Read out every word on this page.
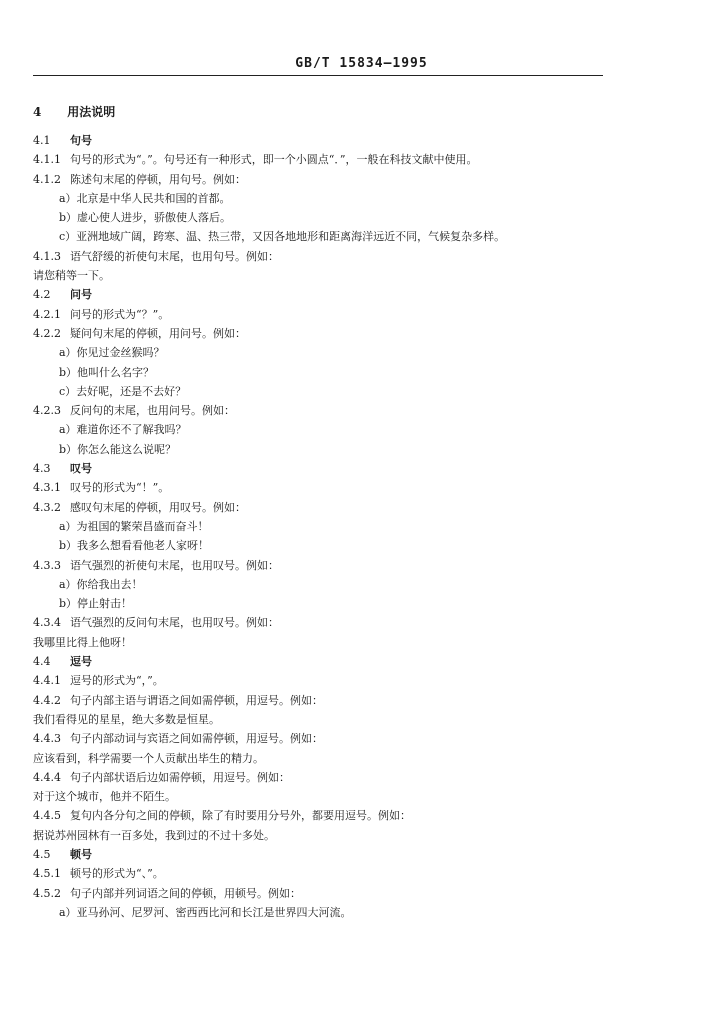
GB/T 15834—1995
4 用法说明
4.1 句号
4.1.1 句号的形式为“。”。句号还有一种形式，即一个小圆点“．”，一般在科技文献中使用。
4.1.2 陈述句末尾的停顿，用句号。例如：
a）北京是中华人民共和国的首都。
b）虚心使人进步，骄傲使人落后。
c）亚洲地域广阔，跨寒、温、热三带，又因各地地形和距离海洋远近不同，气候复杂多样。
4.1.3 语气舒缓的祈使句末尾，也用句号。例如：
请您稍等一下。
4.2 问号
4.2.1 问号的形式为“？”。
4.2.2 疑问句末尾的停顿，用问号。例如：
a）你见过金丝猴吗？
b）他叫什么名字？
c）去好呢，还是不去好？
4.2.3 反问句的末尾，也用问号。例如：
a）难道你还不了解我吗？
b）你怎么能这么说呢？
4.3 叹号
4.3.1 叹号的形式为“！”。
4.3.2 感叹句末尾的停顿，用叹号。例如：
a）为祖国的繁荣昌盛而奋斗！
b）我多么想看看他老人家呀！
4.3.3 语气强烈的祈使句末尾，也用叹号。例如：
a）你给我出去！
b）停止射击！
4.3.4 语气强烈的反问句末尾，也用叹号。例如：
我哪里比得上他呀！
4.4 逗号
4.4.1 逗号的形式为“，”。
4.4.2 句子内部主语与谓语之间如需停顿，用逗号。例如：
我们看得见的星星，绝大多数是恒星。
4.4.3 句子内部动词与宾语之间如需停顿，用逗号。例如：
应该看到，科学需要一个人贡献出毕生的精力。
4.4.4 句子内部状语后边如需停顿，用逗号。例如：
对于这个城市，他并不陌生。
4.4.5 复句内各分句之间的停顿，除了有时要用分号外，都要用逗号。例如：
据说苏州园林有一百多处，我到过的不过十多处。
4.5 顿号
4.5.1 顿号的形式为“、”。
4.5.2 句子内部并列词语之间的停顿，用顿号。例如：
a）亚马孙河、尼罗河、密西西比河和长江是世界四大河流。
